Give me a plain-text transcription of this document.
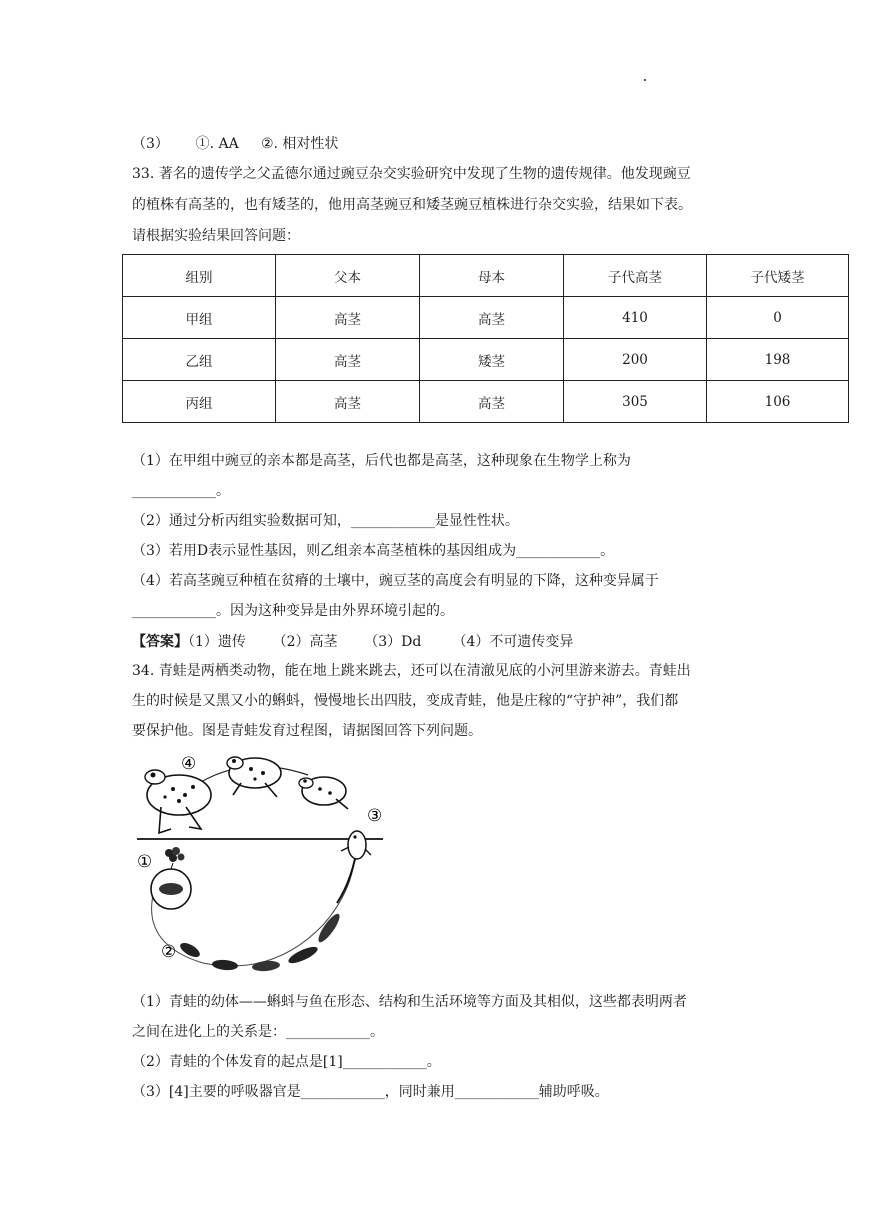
（3）      ①. AA     ②. 相对性状
33. 著名的遗传学之父孟德尔通过豌豆杂交实验研究中发现了生物的遗传规律。他发现豌豆
的植株有高茎的，也有矮茎的，他用高茎豌豆和矮茎豌豆植株进行杂交实验，结果如下表。
请根据实验结果回答问题：
组别	父本	母本	子代高茎	子代矮茎
甲组	高茎	高茎	410	0
乙组	高茎	矮茎	200	198
丙组	高茎	高茎	305	106
（1）在甲组中豌豆的亲本都是高茎，后代也都是高茎，这种现象在生物学上称为
____________。
（2）通过分析丙组实验数据可知，____________是显性性状。
（3）若用D表示显性基因，则乙组亲本高茎植株的基因组成为____________。
（4）若高茎豌豆种植在贫瘠的土壤中，豌豆茎的高度会有明显的下降，这种变异属于
____________。因为这种变异是由外界环境引起的。
【答案】（1）遗传      （2）高茎      （3）Dd       （4）不可遗传变异
34. 青蛙是两栖类动物，能在地上跳来跳去，还可以在清澈见底的小河里游来游去。青蛙出
生的时候是又黑又小的蝌蚪，慢慢地长出四肢，变成青蛙，他是庄稼的“守护神”，我们都
要保护他。图是青蛙发育过程图，请据图回答下列问题。
④
③
①
②
（1）青蛙的幼体——蝌蚪与鱼在形态、结构和生活环境等方面及其相似，这些都表明两者
之间在进化上的关系是：____________。
（2）青蛙的个体发育的起点是[1]____________。
（3）[4]主要的呼吸器官是____________，同时兼用____________辅助呼吸。
